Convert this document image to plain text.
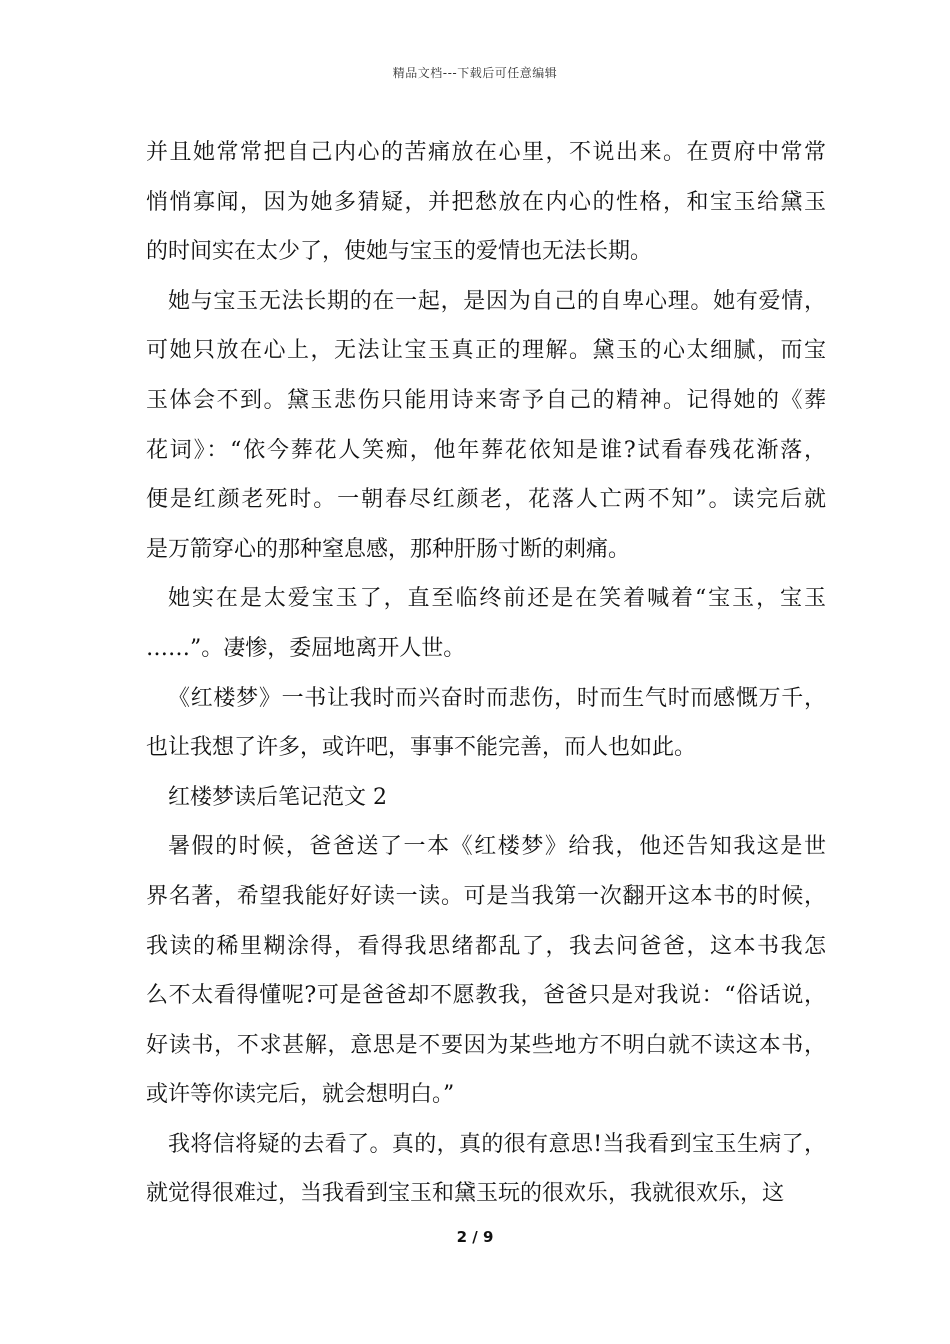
精品文档---下载后可任意编辑
并且她常常把自己内心的苦痛放在心里，不说出来。在贾府中常常
悄悄寡闻，因为她多猜疑，并把愁放在内心的性格，和宝玉给黛玉
的时间实在太少了，使她与宝玉的爱情也无法长期。
她与宝玉无法长期的在一起，是因为自己的自卑心理。她有爱情，
可她只放在心上，无法让宝玉真正的理解。黛玉的心太细腻，而宝
玉体会不到。黛玉悲伤只能用诗来寄予自己的精神。记得她的《葬
花词》：“依今葬花人笑痴，他年葬花依知是谁?试看春残花渐落，
便是红颜老死时。一朝春尽红颜老，花落人亡两不知”。读完后就
是万箭穿心的那种窒息感，那种肝肠寸断的刺痛。
她实在是太爱宝玉了，直至临终前还是在笑着喊着“宝玉，宝玉
……”。凄惨，委屈地离开人世。
《红楼梦》一书让我时而兴奋时而悲伤，时而生气时而感慨万千，
也让我想了许多，或许吧，事事不能完善，而人也如此。
红楼梦读后笔记范文 2
暑假的时候，爸爸送了一本《红楼梦》给我，他还告知我这是世
界名著，希望我能好好读一读。可是当我第一次翻开这本书的时候，
我读的稀里糊涂得，看得我思绪都乱了，我去问爸爸，这本书我怎
么不太看得懂呢?可是爸爸却不愿教我，爸爸只是对我说：“俗话说，
好读书，不求甚解，意思是不要因为某些地方不明白就不读这本书，
或许等你读完后，就会想明白。”
我将信将疑的去看了。真的，真的很有意思!当我看到宝玉生病了，
就觉得很难过，当我看到宝玉和黛玉玩的很欢乐，我就很欢乐，这
2 / 9
